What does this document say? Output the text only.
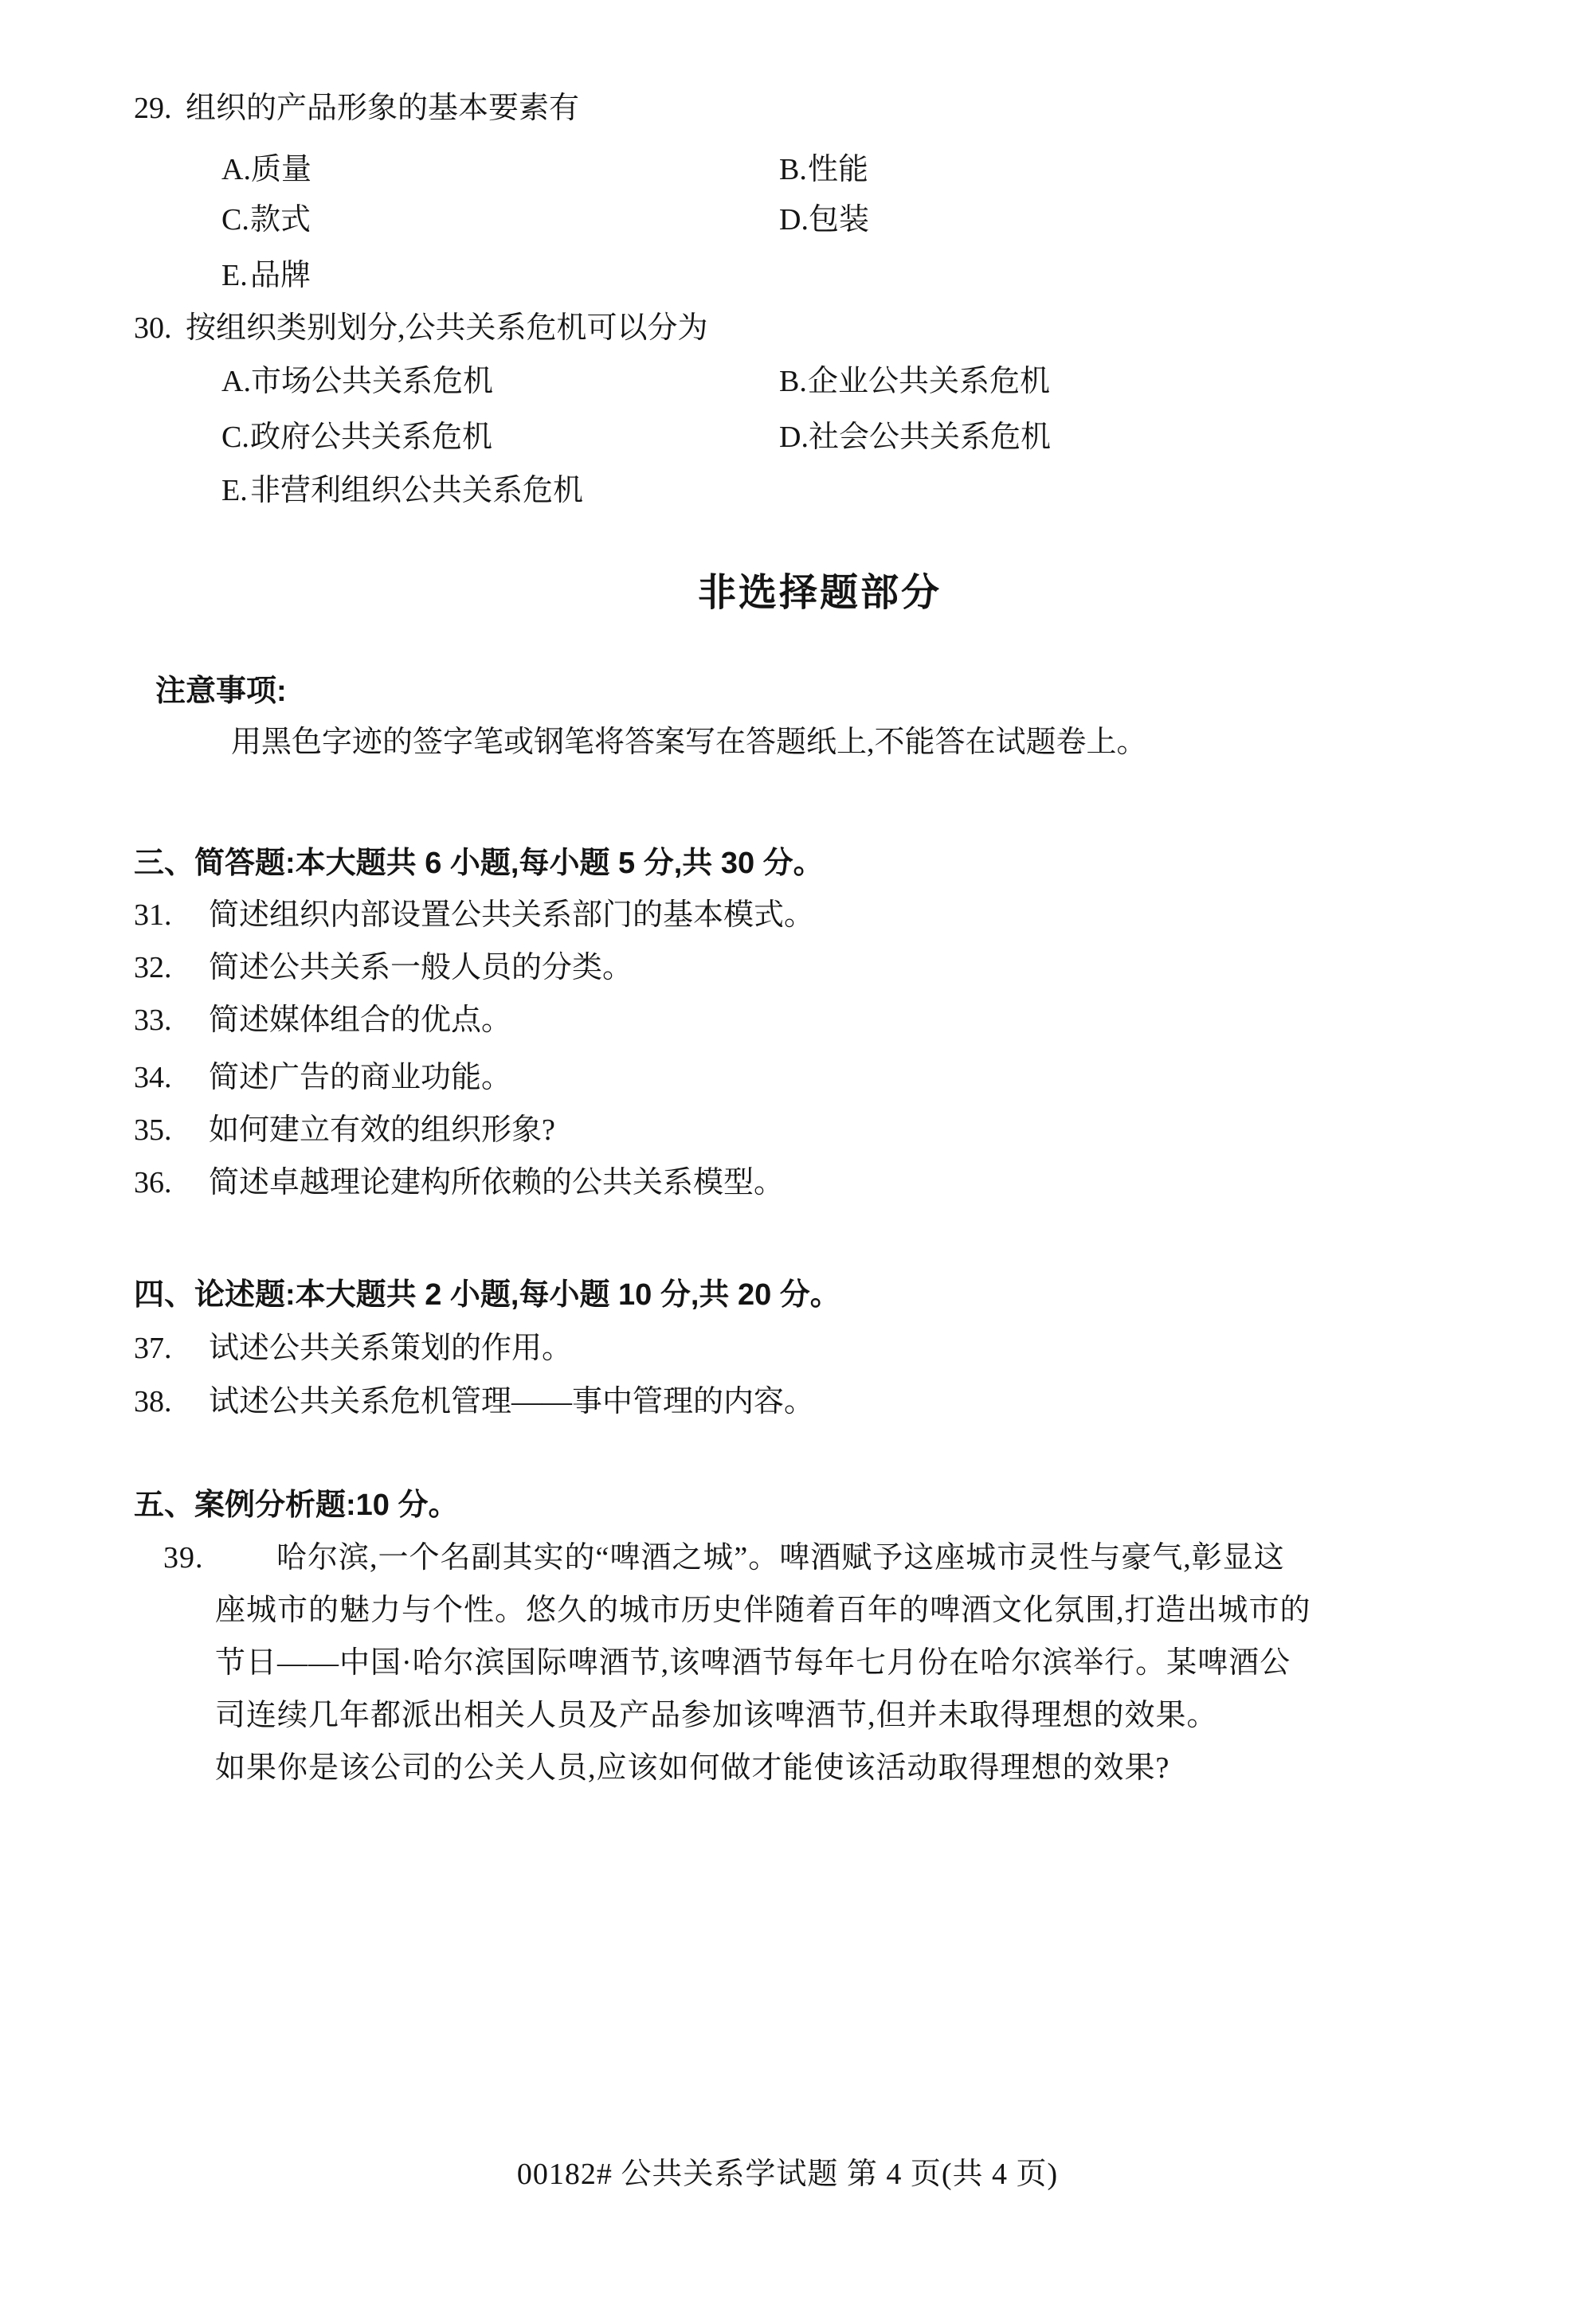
29. 组织的产品形象的基本要素有
A.质量	B.性能
C.款式	D.包装
E.品牌
30. 按组织类别划分,公共关系危机可以分为
A.市场公共关系危机	B.企业公共关系危机
C.政府公共关系危机	D.社会公共关系危机
E.非营利组织公共关系危机
非选择题部分
注意事项:
用黑色字迹的签字笔或钢笔将答案写在答题纸上,不能答在试题卷上。
三、简答题:本大题共 6 小题,每小题 5 分,共 30 分。
31. 简述组织内部设置公共关系部门的基本模式。
32. 简述公共关系一般人员的分类。
33. 简述媒体组合的优点。
34. 简述广告的商业功能。
35. 如何建立有效的组织形象?
36. 简述卓越理论建构所依赖的公共关系模型。
四、论述题:本大题共 2 小题,每小题 10 分,共 20 分。
37. 试述公共关系策划的作用。
38. 试述公共关系危机管理——事中管理的内容。
五、案例分析题:10 分。
39. 哈尔滨,一个名副其实的“啤酒之城”。啤酒赋予这座城市灵性与豪气,彰显这
座城市的魅力与个性。悠久的城市历史伴随着百年的啤酒文化氛围,打造出城市的
节日——中国·哈尔滨国际啤酒节,该啤酒节每年七月份在哈尔滨举行。某啤酒公
司连续几年都派出相关人员及产品参加该啤酒节,但并未取得理想的效果。
如果你是该公司的公关人员,应该如何做才能使该活动取得理想的效果?
00182# 公共关系学试题 第 4 页(共 4 页)
